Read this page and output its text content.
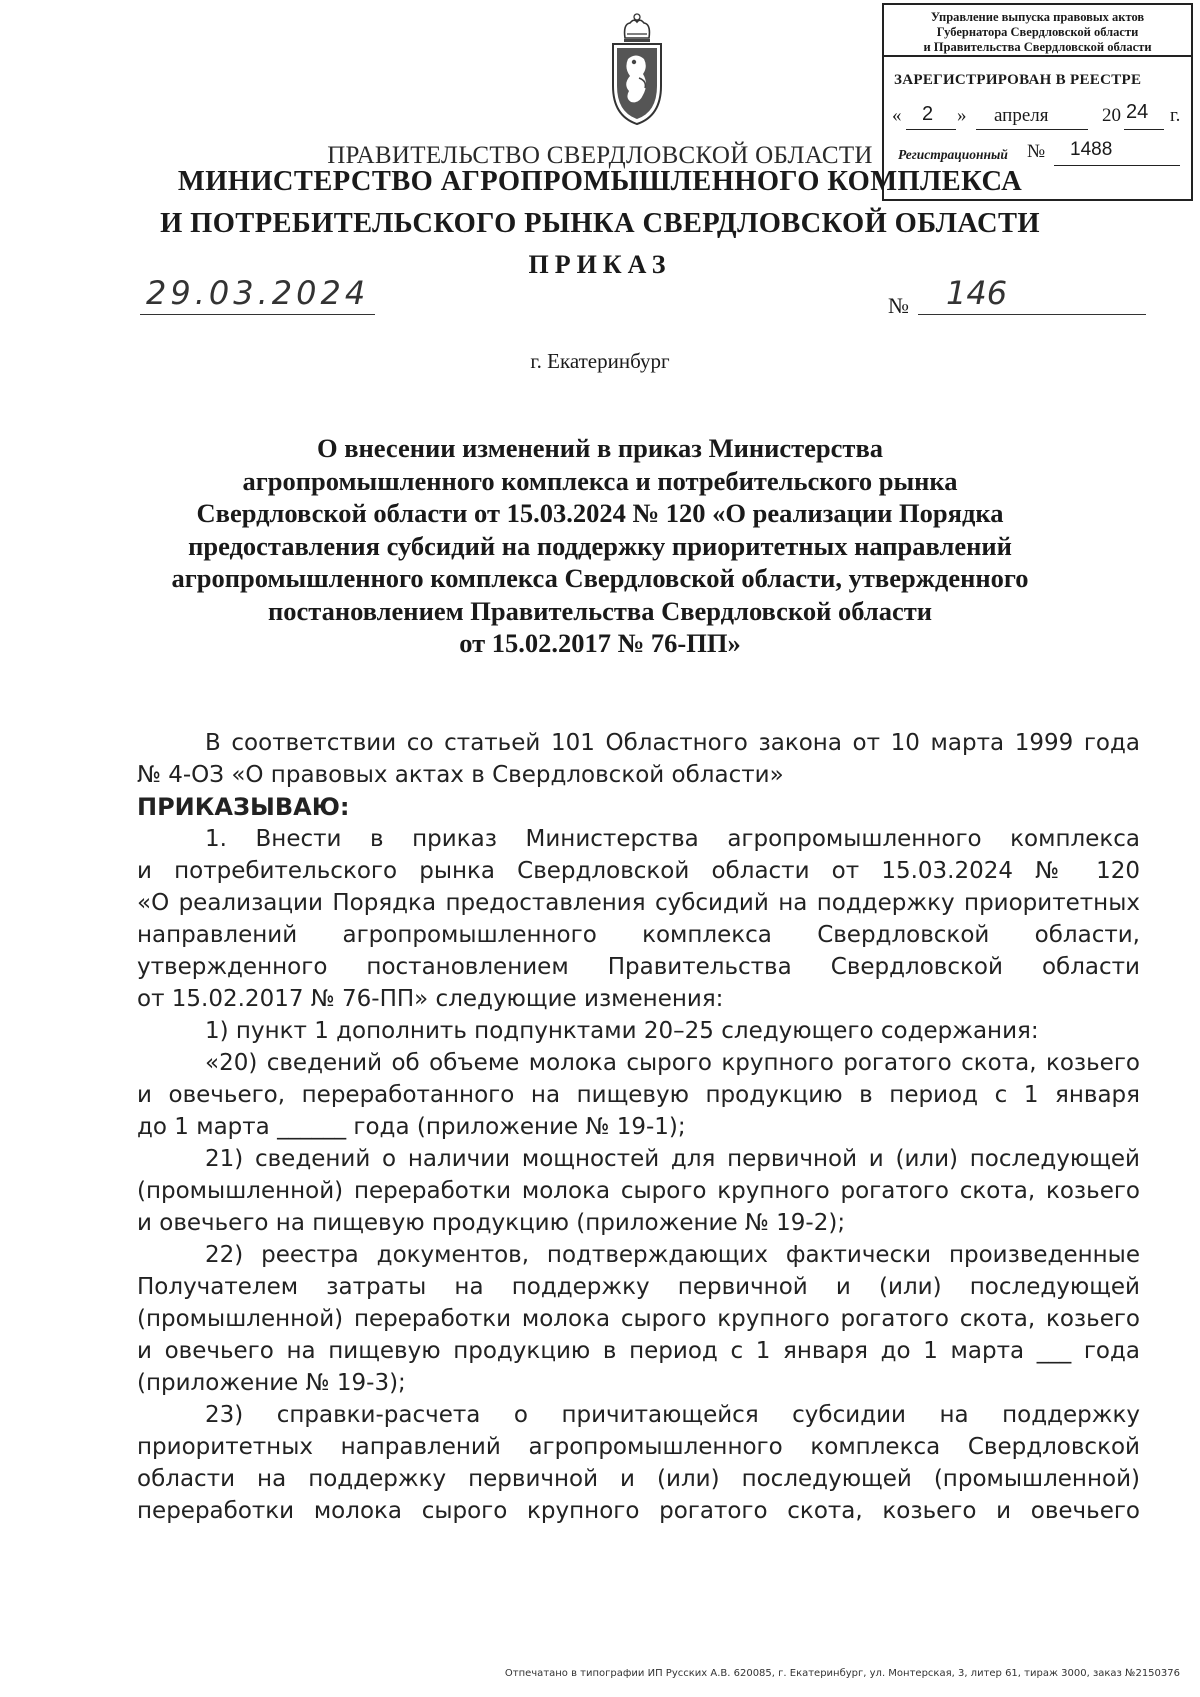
Управление выпуска правовых актов
Губернатора Свердловской области
и Правительства Свердловской области
ЗАРЕГИСТРИРОВАН В РЕЕСТРЕ
« 2 » апреля	20 24 г.
Регистрационный № 1488
ПРАВИТЕЛЬСТВО СВЕРДЛОВСКОЙ ОБЛАСТИ
МИНИСТЕРСТВО АГРОПРОМЫШЛЕННОГО КОМПЛЕКСА
И ПОТРЕБИТЕЛЬСКОГО РЫНКА СВЕРДЛОВСКОЙ ОБЛАСТИ
ПРИКАЗ
29.03.2024	№ 146
г. Екатеринбург
О внесении изменений в приказ Министерства
агропромышленного комплекса и потребительского рынка
Свердловской области от 15.03.2024 № 120 «О реализации Порядка
предоставления субсидий на поддержку приоритетных направлений
агропромышленного комплекса Свердловской области, утвержденного
постановлением Правительства Свердловской области
от 15.02.2017 № 76-ПП»
В соответствии со статьей 101 Областного закона от 10 марта 1999 года
№ 4-ОЗ «О правовых актах в Свердловской области»
ПРИКАЗЫВАЮ:
1. Внести в приказ Министерства агропромышленного комплекса
и потребительского рынка Свердловской области от 15.03.2024 № 120
«О реализации Порядка предоставления субсидий на поддержку приоритетных
направлений агропромышленного комплекса Свердловской области,
утвержденного постановлением Правительства Свердловской области
от 15.02.2017 № 76-ПП» следующие изменения:
1) пункт 1 дополнить подпунктами 20–25 следующего содержания:
«20) сведений об объеме молока сырого крупного рогатого скота, козьего
и овечьего, переработанного на пищевую продукцию в период с 1 января
до 1 марта ______ года (приложение № 19-1);
21) сведений о наличии мощностей для первичной и (или) последующей
(промышленной) переработки молока сырого крупного рогатого скота, козьего
и овечьего на пищевую продукцию (приложение № 19-2);
22) реестра документов, подтверждающих фактически произведенные
Получателем затраты на поддержку первичной и (или) последующей
(промышленной) переработки молока сырого крупного рогатого скота, козьего
и овечьего на пищевую продукцию в период с 1 января до 1 марта ___ года
(приложение № 19-3);
23) справки-расчета о причитающейся субсидии на поддержку
приоритетных направлений агропромышленного комплекса Свердловской
области на поддержку первичной и (или) последующей (промышленной)
переработки молока сырого крупного рогатого скота, козьего и овечьего
Отпечатано в типографии ИП Русских А.В. 620085, г. Екатеринбург, ул. Монтерская, 3, литер 61, тираж 3000, заказ №2150376
